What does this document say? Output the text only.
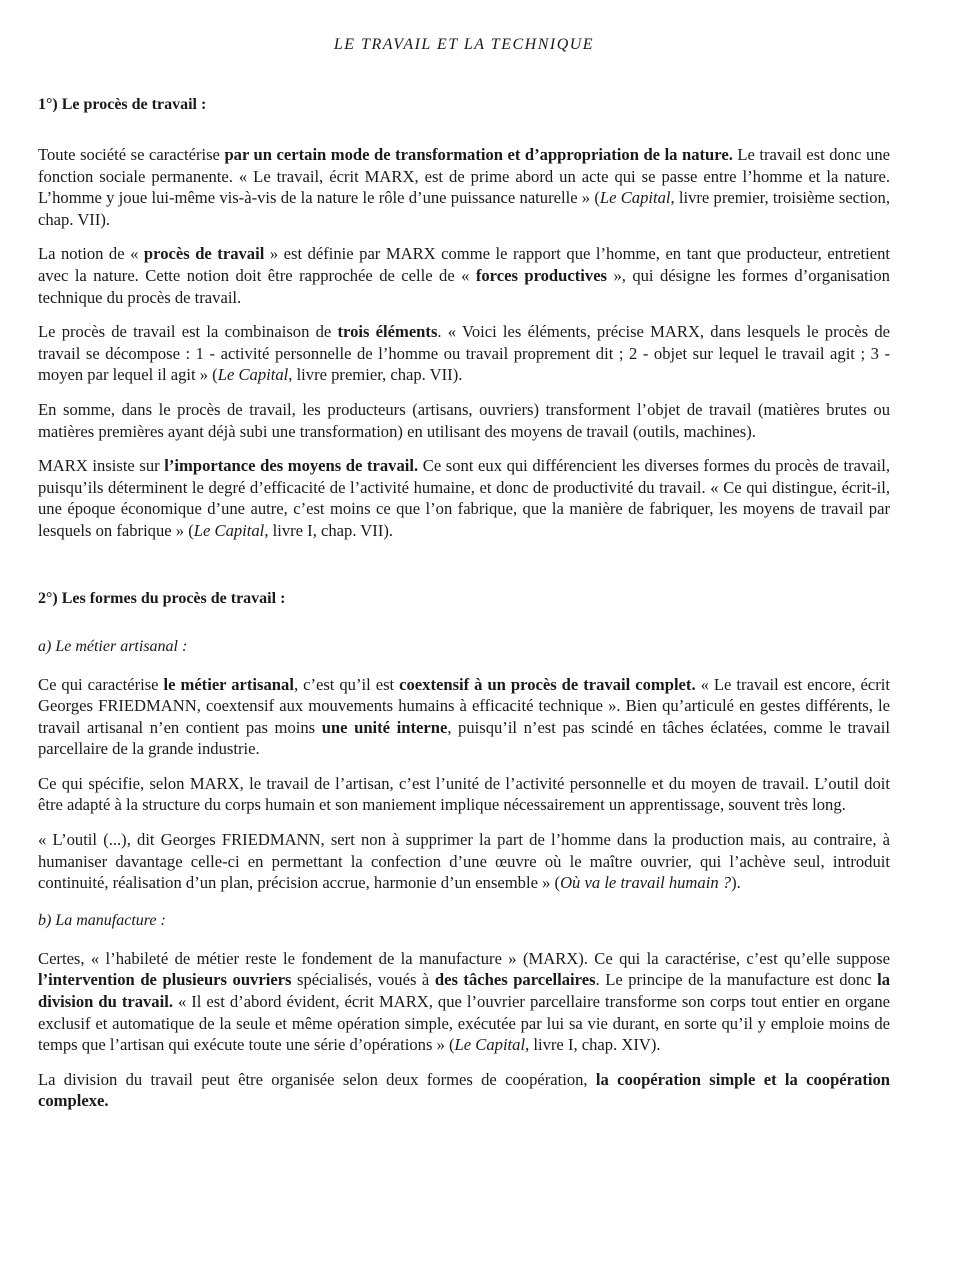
LE TRAVAIL ET LA TECHNIQUE
1°) Le procès de travail :

Toute société se caractérise par un certain mode de transformation et d’appropriation de la nature. Le travail est donc une fonction sociale permanente. « Le travail, écrit MARX, est de prime abord un acte qui se passe entre l’homme et la nature. L’homme y joue lui-même vis-à-vis de la nature le rôle d’une puissance naturelle » (Le Capital, livre premier, troisième section, chap. VII).

La notion de « procès de travail » est définie par MARX comme le rapport que l’homme, en tant que producteur, entretient avec la nature. Cette notion doit être rapprochée de celle de « forces productives », qui désigne les formes d’organisation technique du procès de travail.

Le procès de travail est la combinaison de trois éléments. « Voici les éléments, précise MARX, dans lesquels le procès de travail se décompose : 1 - activité personnelle de l’homme ou travail proprement dit ; 2 - objet sur lequel le travail agit ; 3 - moyen par lequel il agit » (Le Capital, livre premier, chap. VII).

En somme, dans le procès de travail, les producteurs (artisans, ouvriers) transforment l’objet de travail (matières brutes ou matières premières ayant déjà subi une transformation) en utilisant des moyens de travail (outils, machines).

MARX insiste sur l’importance des moyens de travail. Ce sont eux qui différencient les diverses formes du procès de travail, puisqu’ils déterminent le degré d’efficacité de l’activité humaine, et donc de productivité du travail. « Ce qui distingue, écrit-il, une époque économique d’une autre, c’est moins ce que l’on fabrique, que la manière de fabriquer, les moyens de travail par lesquels on fabrique » (Le Capital, livre I, chap. VII).

2°) Les formes du procès de travail :
a) Le métier artisanal :

Ce qui caractérise le métier artisanal, c’est qu’il est coextensif à un procès de travail complet. « Le travail est encore, écrit Georges FRIEDMANN, coextensif aux mouvements humains à efficacité technique ». Bien qu’articulé en gestes différents, le travail artisanal n’en contient pas moins une unité interne, puisqu’il n’est pas scindé en tâches éclatées, comme le travail parcellaire de la grande industrie.

Ce qui spécifie, selon MARX, le travail de l’artisan, c’est l’unité de l’activité personnelle et du moyen de travail. L’outil doit être adapté à la structure du corps humain et son maniement implique nécessairement un apprentissage, souvent très long.

« L’outil (...), dit Georges FRIEDMANN, sert non à supprimer la part de l’homme dans la production mais, au contraire, à humaniser davantage celle-ci en permettant la confection d’une œuvre où le maître ouvrier, qui l’achève seul, introduit continuité, réalisation d’un plan, précision accrue, harmonie d’un ensemble » (Où va le travail humain ?).

b) La manufacture :

Certes, « l’habileté de métier reste le fondement de la manufacture » (MARX). Ce qui la caractérise, c’est qu’elle suppose l’intervention de plusieurs ouvriers spécialisés, voués à des tâches parcellaires. Le principe de la manufacture est donc la division du travail. « Il est d’abord évident, écrit MARX, que l’ouvrier parcellaire transforme son corps tout entier en organe exclusif et automatique de la seule et même opération simple, exécutée par lui sa vie durant, en sorte qu’il y emploie moins de temps que l’artisan qui exécute toute une série d’opérations » (Le Capital, livre I, chap. XIV).

La division du travail peut être organisée selon deux formes de coopération, la coopération simple et la coopération complexe.
